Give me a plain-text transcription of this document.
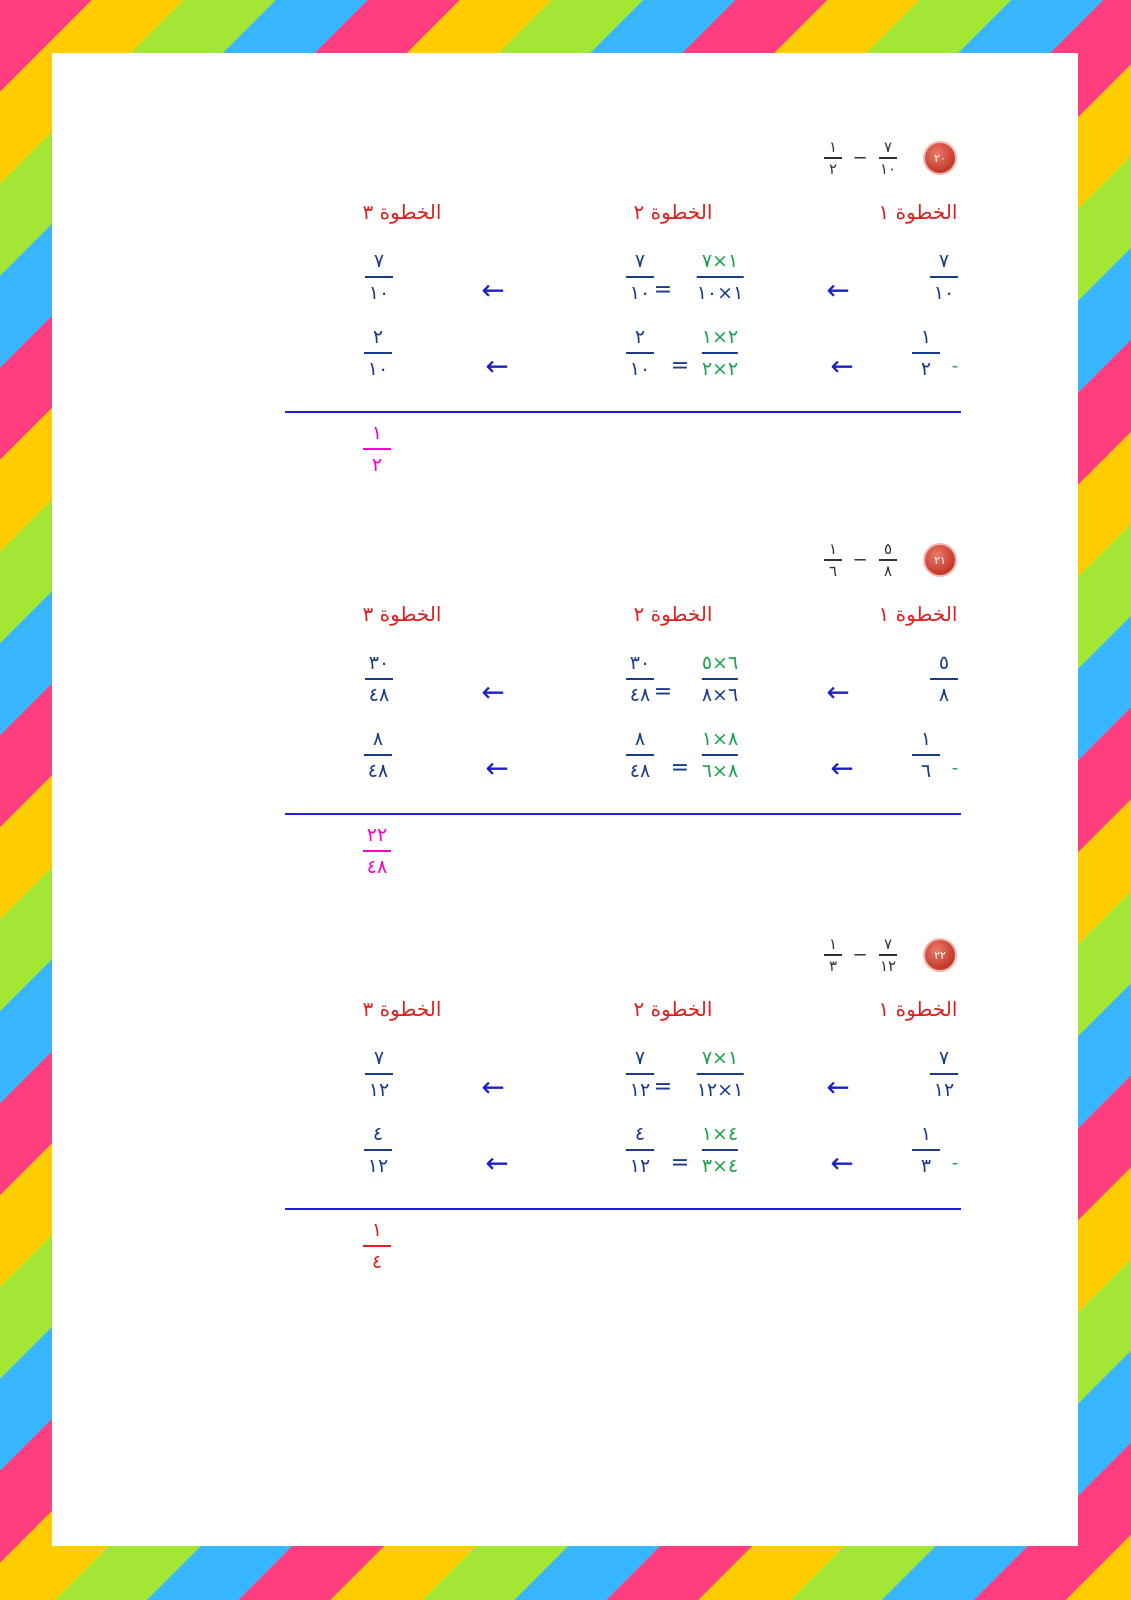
٢٠
٧
١٠
−
١
٢
الخطوة ١
الخطوة ٢
الخطوة ٣
٧
١٠
←
١×٧
١×١٠
=
٧
١٠
←
٧
١٠
-
١
٢
←
٢×١
٢×٢
=
٢
١٠
←
٢
١٠
١
٢
٢١
٥
٨
−
١
٦
الخطوة ١
الخطوة ٢
الخطوة ٣
٥
٨
←
٦×٥
٦×٨
=
٣٠
٤٨
←
٣٠
٤٨
-
١
٦
←
٨×١
٨×٦
=
٨
٤٨
←
٨
٤٨
٢٢
٤٨
٢٢
٧
١٢
−
١
٣
الخطوة ١
الخطوة ٢
الخطوة ٣
٧
١٢
←
١×٧
١×١٢
=
٧
١٢
←
٧
١٢
-
١
٣
←
٤×١
٤×٣
=
٤
١٢
←
٤
١٢
١
٤
